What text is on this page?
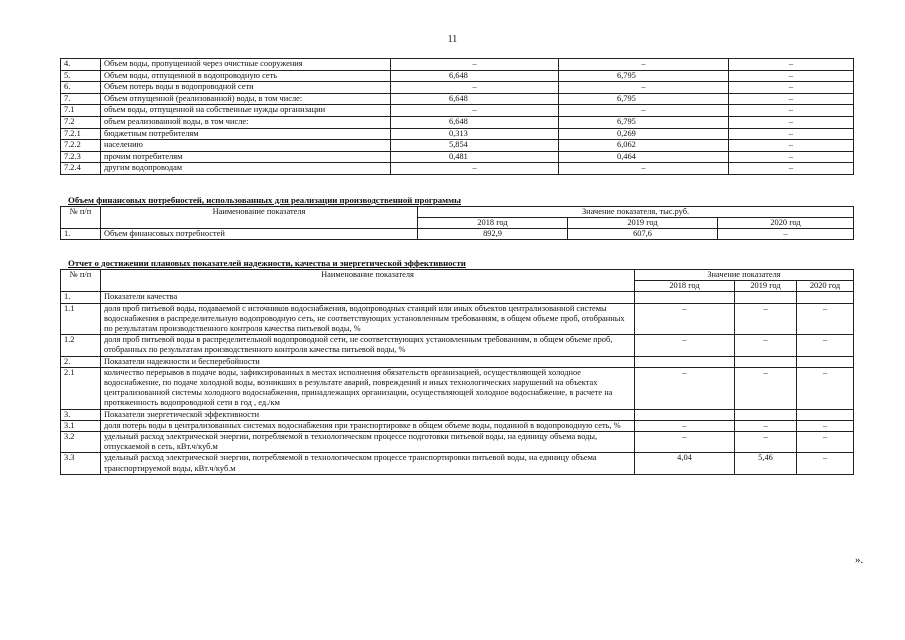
11
4.	Объем воды, пропущенной через очистные сооружения	–	–	–
5.	Объем воды, отпущенной в водопроводную сеть	6,648	6,795	–
6.	Объем потерь воды в водопроводной сети	–	–	–
7.	Объем отпущенной (реализованной) воды, в том числе:	6,648	6,795	–
7.1	объем воды, отпущенной на собственные нужды организации	–	–	–
7.2	объем реализованной воды, в том числе:	6,648	6,795	–
7.2.1	бюджетным потребителям	0,313	0,269	–
7.2.2	населению	5,854	6,062	–
7.2.3	прочим потребителям	0,481	0,464	–
7.2.4	другим водопроводам	–	–	–
Объем финансовых потребностей, использованных для реализации производственной программы
№ п/п	Наименование показателя	Значение показателя, тыс.руб.		
		2018 год	2019 год	2020 год
1.	Объем финансовых потребностей	892,9	607,6	–
Отчет о достижении плановых показателей надежности, качества и энергетической эффективности
№ п/п	Наименование показателя	Значение показателя		
		2018 год	2019 год	2020 год
1.	Показатели качества			
1.1	доля проб питьевой воды, подаваемой с источников водоснабжения, водопроводных станций или иных объектов централизованной системы водоснабжения в распределительную водопроводную сеть, не соответствующих установленным требованиям, в общем объеме проб, отобранных по результатам производственного контроля качества питьевой воды, %	–	–	–
1.2	доля проб питьевой воды в распределительной водопроводной сети, не соответствующих установленным требованиям, в общем объеме проб, отобранных по результатам производственного контроля качества питьевой воды, %	–	–	–
2.	Показатели надежности и бесперебойности			
2.1	количество перерывов в подаче воды, зафиксированных в местах исполнения обязательств организацией, осуществляющей холодное водоснабжение, по подаче холодной воды, возникших в результате аварий, повреждений и иных технологических нарушений на объектах централизованной системы холодного водоснабжения, принадлежащих организации, осуществляющей холодное водоснабжение, в расчете на протяженность водопроводной сети в год , ед./км	–	–	–
3.	Показатели энергетической эффективности			
3.1	доля потерь воды в централизованных системах водоснабжения при транспортировке в общем объеме воды, поданной в водопроводную сеть, %	–	–	–
3.2	удельный расход электрической энергии, потребляемой в технологическом процессе подготовки питьевой воды, на единицу объема воды, отпускаемой в сеть, кВт.ч/куб.м	–	–	–
3.3	удельный расход электрической энергии, потребляемой в технологическом процессе транспортировки питьевой воды, на единицу объема транспортируемой воды, кВт.ч/куб.м	4,04	5,46	–
».
